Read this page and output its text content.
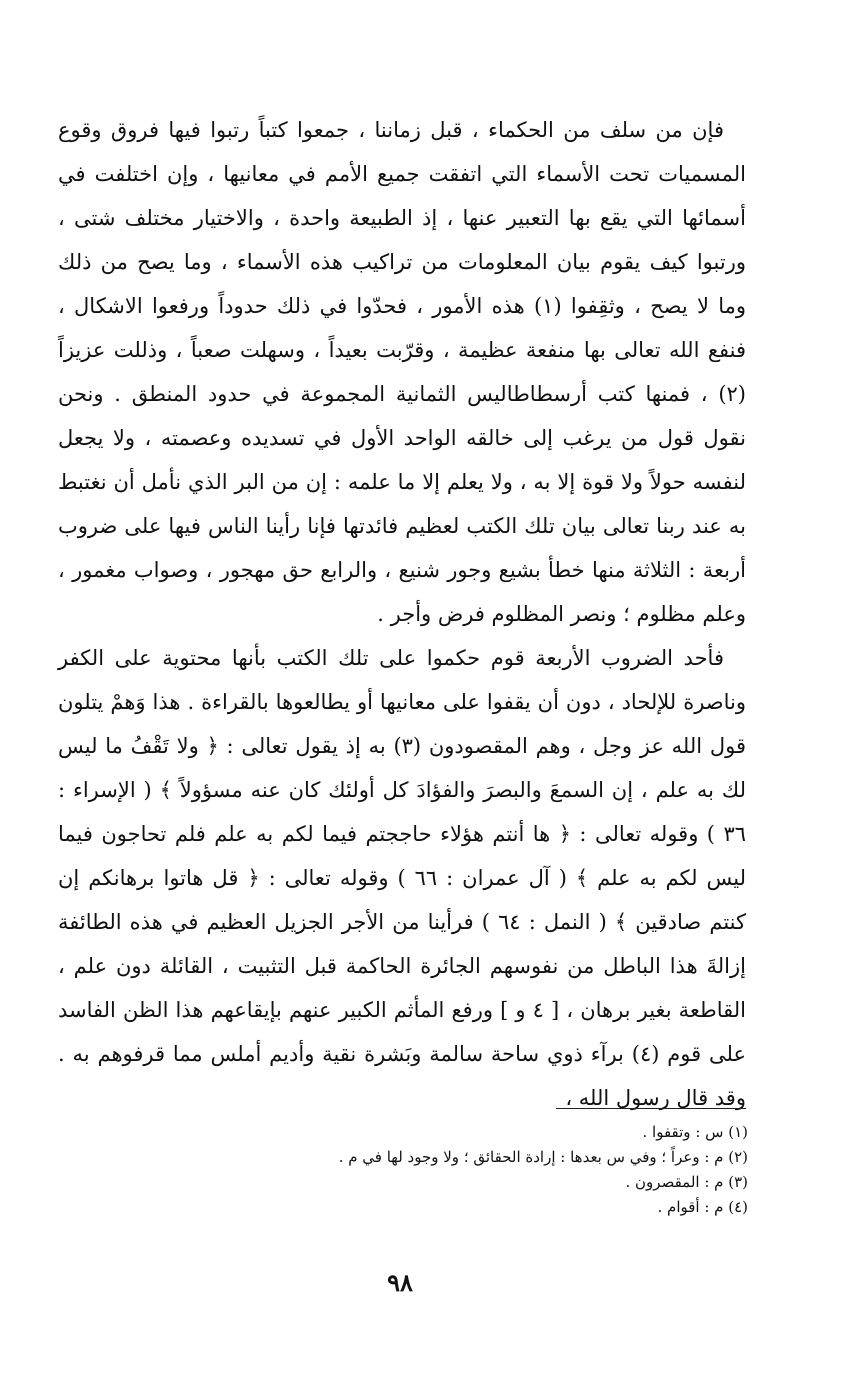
فإن من سلف من الحكماء ، قبل زماننا ، جمعوا كتباً رتبوا فيها فروق وقوع المسميات تحت الأسماء التي اتفقت جميع الأمم في معانيها ، وإن اختلفت في أسمائها التي يقع بها التعبير عنها ، إذ الطبيعة واحدة ، والاختيار مختلف شتى ، ورتبوا كيف يقوم بيان المعلومات من تراكيب هذه الأسماء ، وما يصح من ذلك وما لا يصح ، وثقِفوا (١) هذه الأمور ، فحدّوا في ذلك حدوداً ورفعوا الاشكال ، فنفع الله تعالى بها منفعة عظيمة ، وقرّبت بعيداً ، وسهلت صعباً ، وذللت عزيزاً (٢) ، فمنها كتب أرسطاطاليس الثمانية المجموعة في حدود المنطق . ونحن نقول قول من يرغب إلى خالقه الواحد الأول في تسديده وعصمته ، ولا يجعل لنفسه حولاً ولا قوة إلا به ، ولا يعلم إلا ما علمه : إن من البر الذي نأمل أن نغتبط به عند ربنا تعالى بيان تلك الكتب لعظيم فائدتها فإنا رأينا الناس فيها على ضروب أربعة : الثلاثة منها خطأ بشيع وجور شنيع ، والرابع حق مهجور ، وصواب مغمور ، وعلم مظلوم ؛ ونصر المظلوم فرض وأجر .

فأحد الضروب الأربعة قوم حكموا على تلك الكتب بأنها محتوية على الكفر وناصرة للإلحاد ، دون أن يقفوا على معانيها أو يطالعوها بالقراءة . هذا وَهمْ يتلون قول الله عز وجل ، وهم المقصودون (٣) به إذ يقول تعالى : ﴿ ولا تَقْفُ ما ليس لك به علم ، إن السمعَ والبصرَ والفؤادَ كل أولئك كان عنه مسؤولاً ﴾ ( الإسراء : ٣٦ ) وقوله تعالى : ﴿ ها أنتم هؤلاء حاججتم فيما لكم به علم فلم تحاجون فيما ليس لكم به علم ﴾ ( آل عمران : ٦٦ ) وقوله تعالى : ﴿ قل هاتوا برهانكم إن كنتم صادقين ﴾ ( النمل : ٦٤ ) فرأينا من الأجر الجزيل العظيم في هذه الطائفة إزالةَ هذا الباطل من نفوسهم الجائرة الحاكمة قبل التثبيت ، القائلة دون علم ، القاطعة بغير برهان ، [ ٤ و ] ورفع المأثم الكبير عنهم بإيقاعهم هذا الظن الفاسد على قوم (٤) برآء ذوي ساحة سالمة وبَشرة نقية وأديم أملس مما قرفوهم به . وقد قال رسول الله ،

(١) س : وتقفوا .
(٢) م : وعراً ؛ وفي س بعدها : إرادة الحقائق ؛ ولا وجود لها في م .
(٣) م : المقصرون .
(٤) م : أقوام .
٩٨
